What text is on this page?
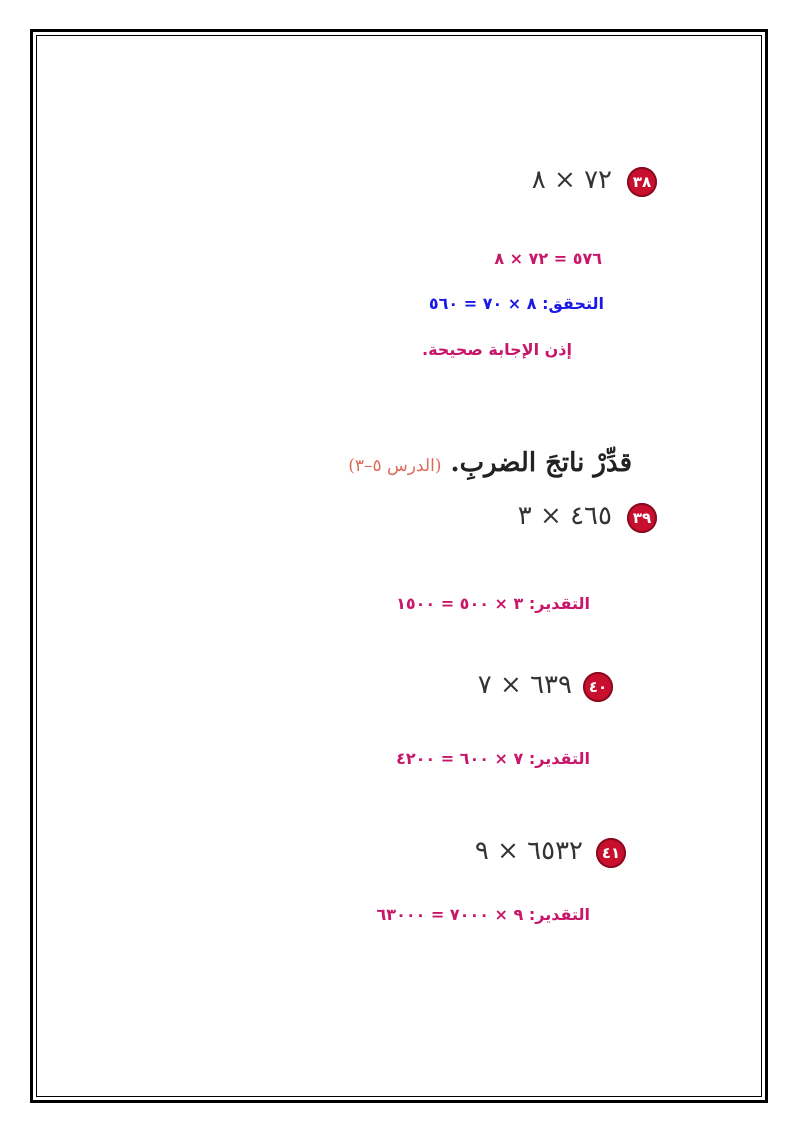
٣٨
٧٢ × ٨
٥٧٦ = ٧٢ × ٨
التحقق: ٨ × ٧٠ = ٥٦٠
إذن الإجابة صحيحة.
قدِّرْ ناتجَ الضربِ. (الدرس ٥–٣)
٣٩
٤٦٥ × ٣
التقدير: ٣ × ٥٠٠ = ١٥٠٠
٤٠
٦٣٩ × ٧
التقدير: ٧ × ٦٠٠ = ٤٢٠٠
٤١
٦٥٣٢ × ٩
التقدير: ٩ × ٧٠٠٠ = ٦٣٠٠٠
